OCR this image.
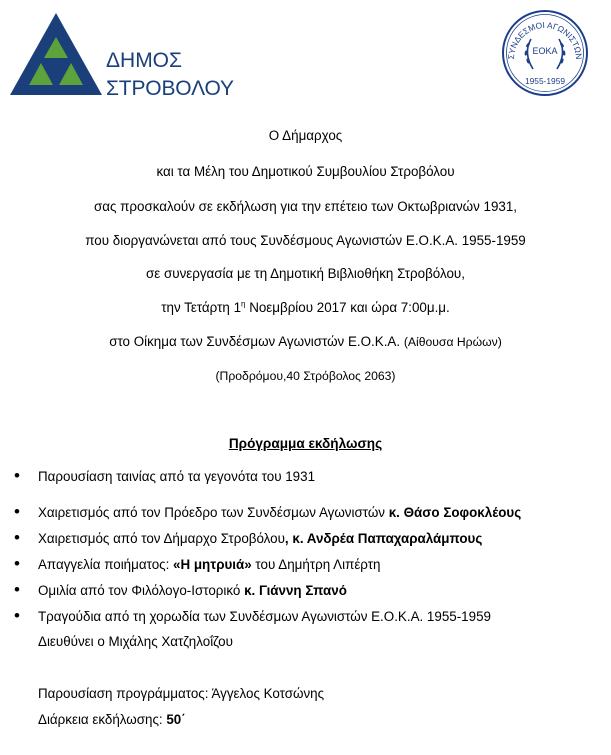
ΔΗΜΟΣ
ΣΤΡΟΒΟΛΟΥ
ΣΥΝΔΕΣΜΟΙ ΑΓΩΝΙΣΤΩΝ
ΕΟΚΑ
1955-1959
Ο Δήμαρχος
και τα Μέλη του Δημοτικού Συμβουλίου Στροβόλου
σας προσκαλούν σε εκδήλωση για την επέτειο των Οκτωβριανών 1931,
που διοργανώνεται από τους Συνδέσμους Αγωνιστών Ε.Ο.Κ.Α. 1955-1959
σε συνεργασία με τη Δημοτική Βιβλιοθήκη Στροβόλου,
την Τετάρτη $1^\eta$ Νοεμβρίου 2017 και ώρα 7:00μ.μ.
στο Οίκημα των Συνδέσμων Αγωνιστών Ε.Ο.Κ.Α. (Αίθουσα Ηρώων)
(Προδρόμου,40 Στρόβολος 2063)
Πρόγραμμα εκδήλωσης
• Παρουσίαση ταινίας από τα γεγονότα του 1931
• Χαιρετισμός από τον Πρόεδρο των Συνδέσμων Αγωνιστών κ. Θάσο Σοφοκλέους
• Χαιρετισμός από τον Δήμαρχο Στροβόλου, κ. Ανδρέα Παπαχαραλάμπους
• Απαγγελία ποιήματος: «Η μητρυιά» του Δημήτρη Λιπέρτη
• Ομιλία από τον Φιλόλογο-Ιστορικό κ. Γιάννη Σπανό
• Τραγούδια από τη χορωδία των Συνδέσμων Αγωνιστών Ε.Ο.Κ.Α. 1955-1959
Διευθύνει ο Μιχάλης Χατζηλοΐζου
Παρουσίαση προγράμματος: Άγγελος Κοτσώνης
Διάρκεια εκδήλωσης: 50΄
